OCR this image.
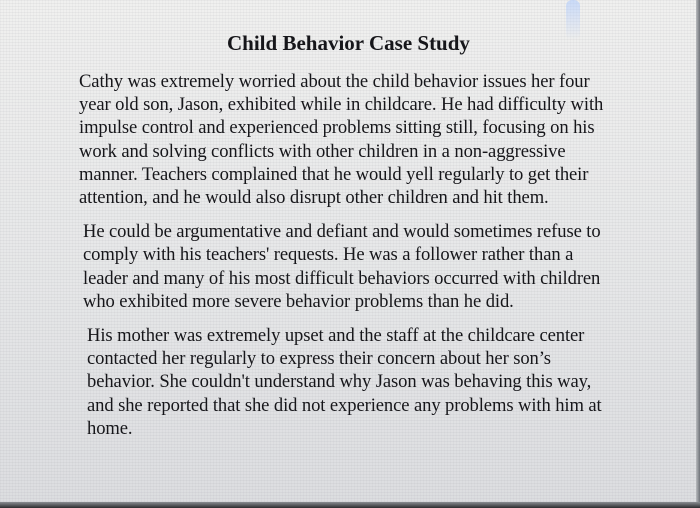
Child Behavior Case Study

Cathy was extremely worried about the child behavior issues her four year old son, Jason, exhibited while in childcare. He had difficulty with impulse control and experienced problems sitting still, focusing on his work and solving conflicts with other children in a non-aggressive manner. Teachers complained that he would yell regularly to get their attention, and he would also disrupt other children and hit them.

He could be argumentative and defiant and would sometimes refuse to comply with his teachers' requests. He was a follower rather than a leader and many of his most difficult behaviors occurred with children who exhibited more severe behavior problems than he did.

His mother was extremely upset and the staff at the childcare center contacted her regularly to express their concern about her son’s behavior. She couldn't understand why Jason was behaving this way, and she reported that she did not experience any problems with him at home.
